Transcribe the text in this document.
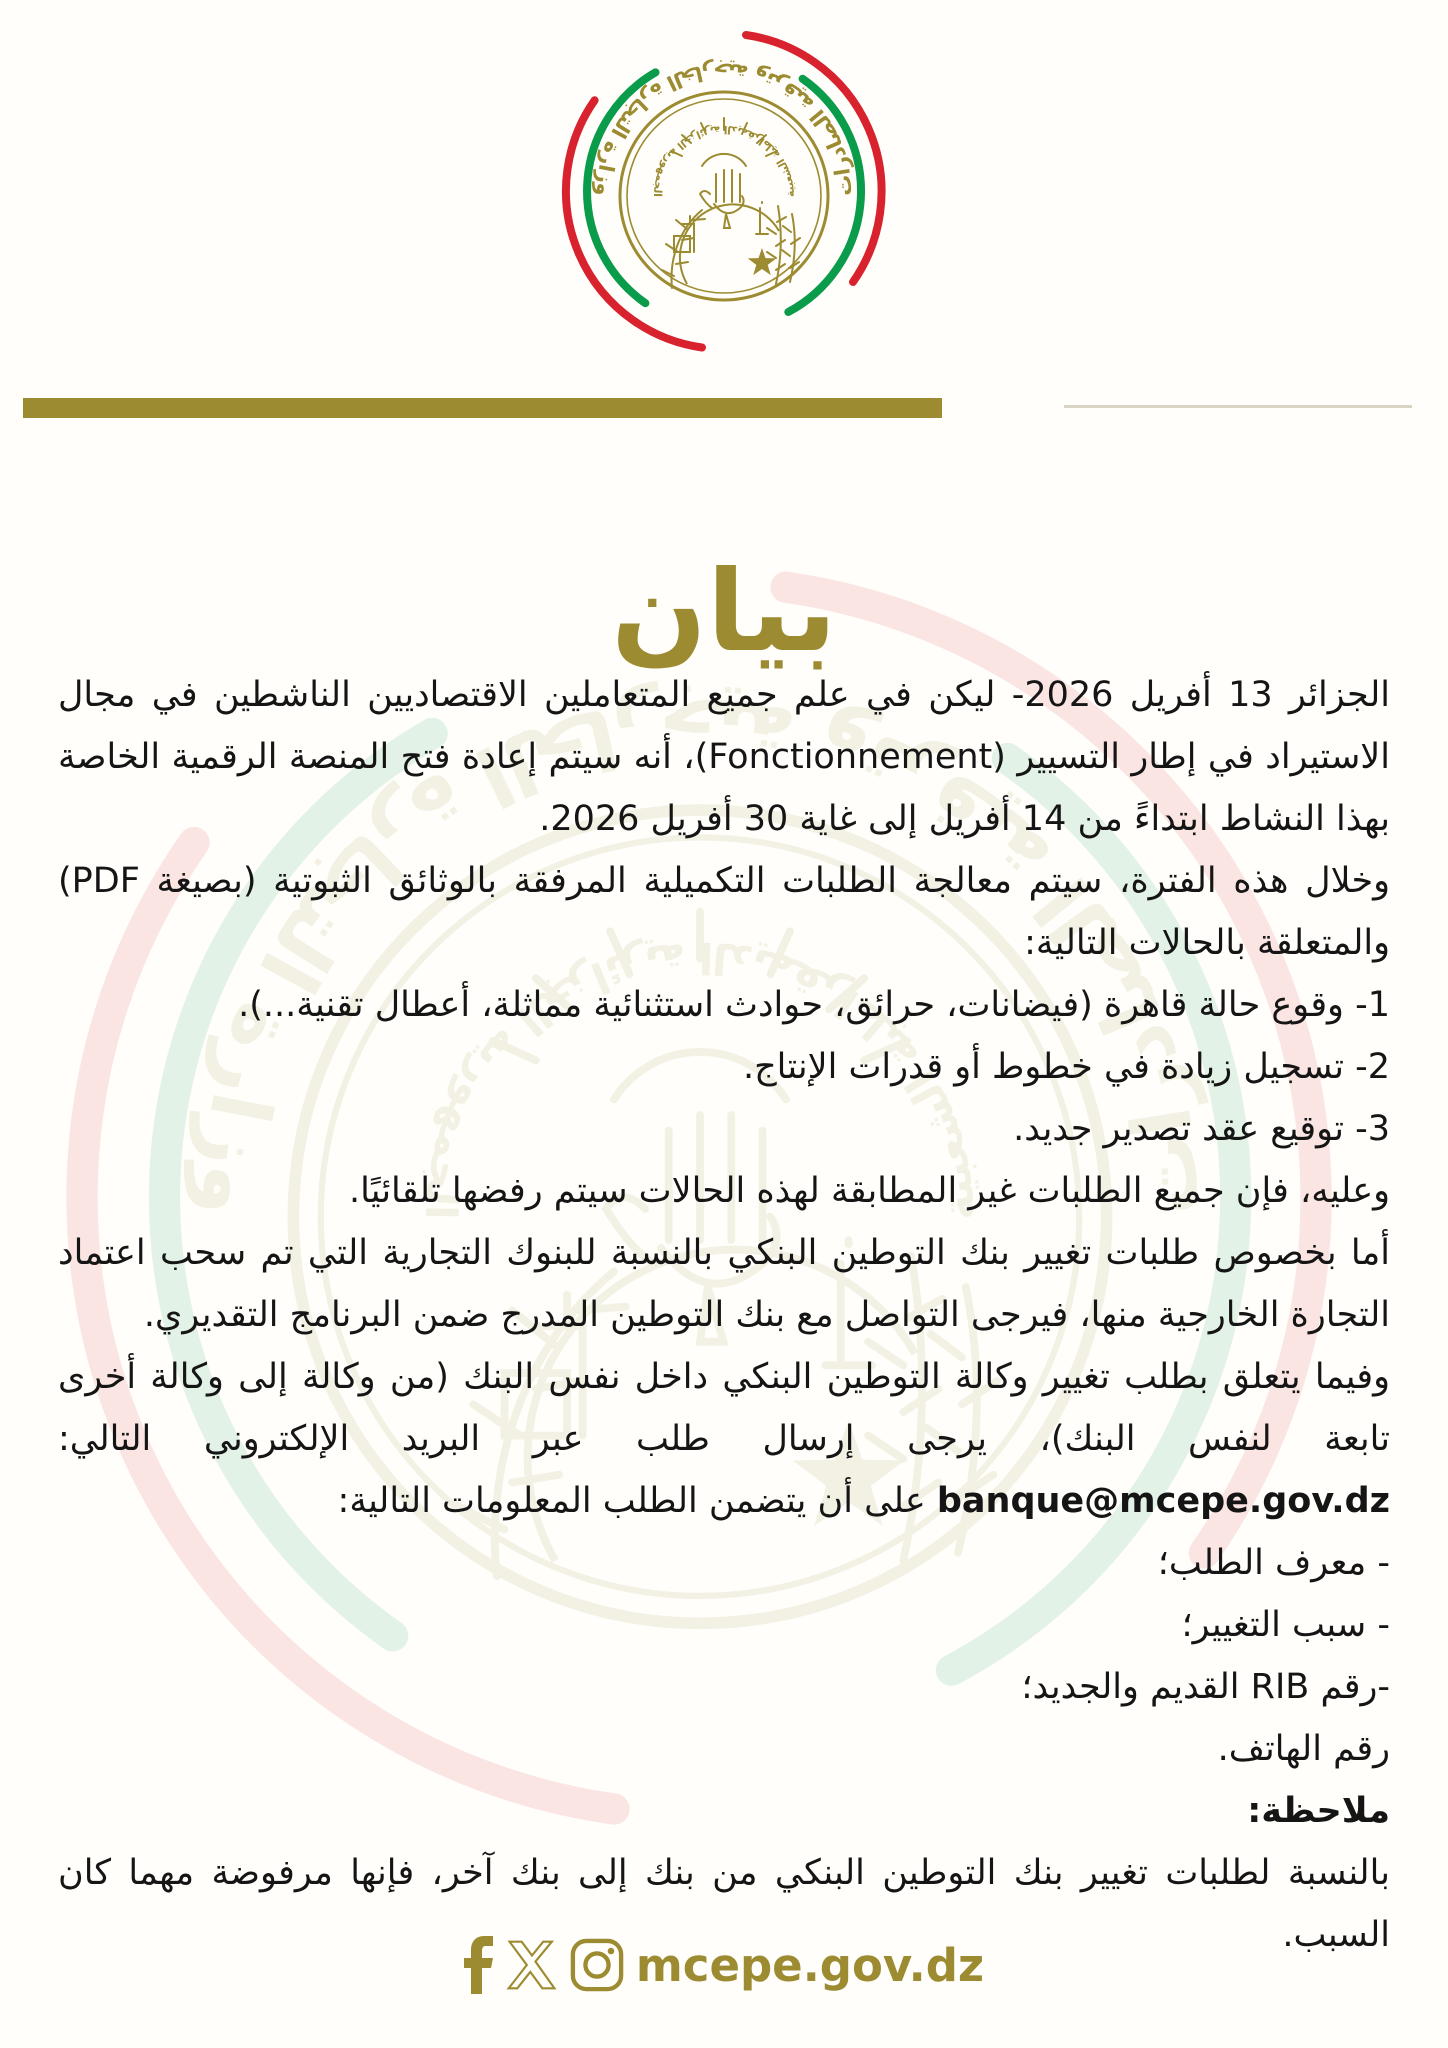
بيان

الجزائر 13 أفريل 2026- ليكن في علم جميع المتعاملين الاقتصاديين الناشطين في مجال الاستيراد في إطار التسيير (Fonctionnement)، أنه سيتم إعادة فتح المنصة الرقمية الخاصة بهذا النشاط ابتداءً من 14 أفريل إلى غاية 30 أفريل 2026.

وخلال هذه الفترة، سيتم معالجة الطلبات التكميلية المرفقة بالوثائق الثبوتية (بصيغة PDF) والمتعلقة بالحالات التالية:

1- وقوع حالة قاهرة (فيضانات، حرائق، حوادث استثنائية مماثلة، أعطال تقنية...).

2- تسجيل زيادة في خطوط أو قدرات الإنتاج.

3- توقيع عقد تصدير جديد.

وعليه، فإن جميع الطلبات غير المطابقة لهذه الحالات سيتم رفضها تلقائيًا.

أما بخصوص طلبات تغيير بنك التوطين البنكي بالنسبة للبنوك التجارية التي تم سحب اعتماد التجارة الخارجية منها، فيرجى التواصل مع بنك التوطين المدرج ضمن البرنامج التقديري.

وفيما يتعلق بطلب تغيير وكالة التوطين البنكي داخل نفس البنك (من وكالة إلى وكالة أخرى تابعة لنفس البنك)، يرجى إرسال طلب عبر البريد الإلكتروني التالي: banque@mcepe.gov.dz على أن يتضمن الطلب المعلومات التالية:

- معرف الطلب؛

- سبب التغيير؛

-رقم RIB القديم والجديد؛

رقم الهاتف.

ملاحظة:

بالنسبة لطلبات تغيير بنك التوطين البنكي من بنك إلى بنك آخر، فإنها مرفوضة مهما كان السبب.

mcepe.gov.dz
